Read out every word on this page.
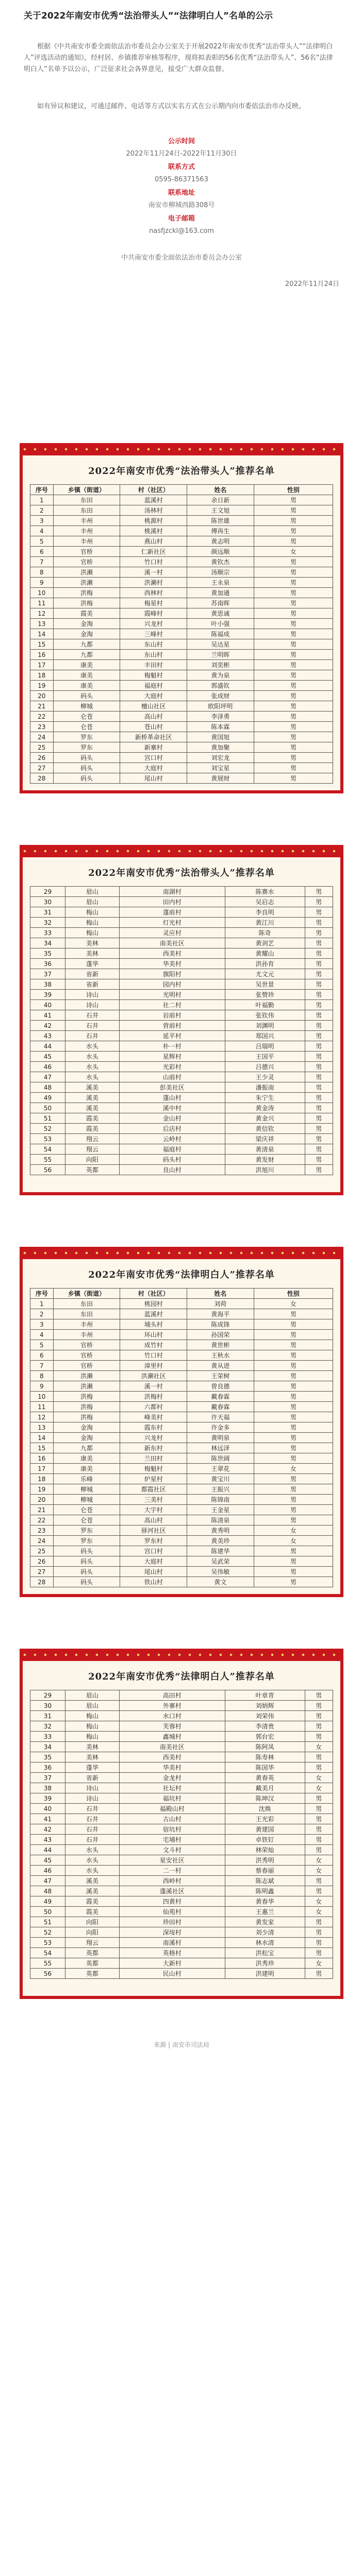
关于2022年南安市优秀“法治带头人”“法律明白人”名单的公示
根据《中共南安市委全面依法治市委员会办公室关于开展2022年南安市优秀“法治带头人”“法律明白人”评选活动的通知》，经村居、乡镇推荐审核等程序，现将拟表彰的56名优秀“法治带头人”、56名“法律明白人”名单予以公示，广泛征求社会各界意见，接受广大群众监督。
如有异议和建议，可通过邮件、电话等方式以实名方式在公示期内向市委依法治市办反映。
公示时间
2022年11月24日-2022年11月30日
联系方式
0595-86371563
联系地址
南安市柳城西路308号
电子邮箱
nasfjzckl@163.com
中共南安市委全面依法治市委员会办公室
2022年11月24日
2022年南安市优秀“法治带头人”推荐名单
序号	乡镇（街道）	村（社区）	姓名	性别
1	东田	蓝溪村	余日新	男
2	东田	汤林村	王文旭	男
3	丰州	桃源村	陈世雄	男
4	丰州	桃溪村	傅再生	男
5	丰州	燕山村	黄志明	男
6	官桥	仁新社区	颜远顺	女
7	官桥	竹口村	黄钦杰	男
8	洪濑	溪一村	汤顺宗	男
9	洪濑	洪濑村	王永泉	男
10	洪梅	西林村	黄加通	男
11	洪梅	梅星村	苏南晖	男
12	霞美	霞峰村	黄思诚	男
13	金淘	兴龙村	叶小强	男
14	金淘	三峰村	陈福成	男
15	九都	东山村	吴达星	男
16	九都	东山村	兰明晖	男
17	康美	丰田村	刘奕彬	男
18	康美	梅魁村	黄为泉	男
19	康美	福庭村	郭盛钦	男
20	码头	大庭村	张成财	男
21	柳城	檀山社区	欧阳坪明	男
22	仑苍	高山村	李泽勇	男
23	仑苍	苍山村	陈本霖	男
24	罗东	新桥革命社区	黄国旭	男
25	罗东	新寨村	黄加聚	男
26	码头	宫口村	刘宏龙	男
27	码头	大庭村	刘宝星	男
28	码头	尾山村	黄展财	男
2022年南安市优秀“法治带头人”推荐名单
29	眉山	南湖村	陈赛水	男
30	眉山	田内村	吴启志	男
31	梅山	蓬前村	李良明	男
32	梅山	灯光村	黄江川	男
33	梅山	灵应村	陈奇	男
34	美林	南美社区	黄剑艺	男
35	美林	西美村	黄耀山	男
36	蓬华	华美村	洪孙育	男
37	省新	旗阳村	尤文元	男
38	省新	园内村	吴世景	男
39	诗山	光明村	张赞珍	男
40	诗山	社二村	叶福勤	男
41	石井	岩前村	张钦伟	男
42	石井	营前村	刘渊明	男
43	石井	延平村	郑国兴	男
44	水头	朴一村	吕瑞明	男
45	水头	星辉村	王国平	男
46	水头	光彩村	吕德兴	男
47	水头	山前村	王少灵	男
48	溪美	彭美社区	潘振南	男
49	溪美	蓬山村	朱宁生	男
50	溪美	溪中村	黄金涛	男
51	霞美	金山村	黄金兴	男
52	霞美	后店村	黄信钦	男
53	翔云	云岭村	梁庆祥	男
54	翔云	福庭村	黄清泉	男
55	向阳	码头村	黄发财	男
56	英都	良山村	洪旭川	男
2022年南安市优秀“法律明白人”推荐名单
序号	乡镇（街道）	村（社区）	姓名	性别
1	东田	桃园村	刘荷	女
2	东田	蓝溪村	黄海平	男
3	丰州	埔头村	陈成锋	男
4	丰州	环山村	孙国荣	男
5	官桥	成竹村	黄世彬	男
6	官桥	竹口村	王秋水	男
7	官桥	漳里村	黄从进	男
8	洪濑	洪濑社区	王荣树	男
9	洪濑	溪一村	曾良德	男
10	洪梅	洪梅村	戴春霖	男
11	洪梅	六都村	戴春霖	男
12	洪梅	峰美村	许天福	男
13	金淘	霞东村	许金多	男
14	金淘	兴龙村	黄明泉	男
15	九都	新东村	林远泽	男
16	康美	兰田村	陈世阔	男
17	康美	梅魁村	王翠花	女
18	乐峰	炉星村	黄宝川	男
19	柳城	都霞社区	王振兴	男
20	柳城	三美村	陈锦南	男
21	仑苍	大宇村	王金星	男
22	仑苍	高山村	陈清泉	男
23	罗东	驿河社区	黄秀明	女
24	罗东	罗东村	黄美珍	女
25	码头	宫口村	陈建华	男
26	码头	大庭村	吴武荣	男
27	码头	尾山村	吴伟敏	男
28	码头	铁山村	黄文	男
2022年南安市优秀“法律明白人”推荐名单
29	眉山	高田村	叶章青	男
30	眉山	外寨村	刘炳辉	男
31	梅山	水口村	刘荣伟	男
32	梅山	芙蓉村	李清贵	男
33	梅山	鑫城村	郭台宏	男
34	美林	南美社区	陈阿凤	女
35	美林	西美村	陈寿林	男
36	蓬华	华美村	陈国华	男
37	省新	金龙村	黄春英	女
38	诗山	社坛村	戴美月	女
39	诗山	福坑村	陈坤汉	男
40	石井	福殿山村	沈焕	男
41	石井	古山村	王光彩	男
42	石井	宿坑村	黄建国	男
43	石井	宅埔村	卓铁钉	男
44	水头	文斗村	林荣灿	男
45	水头	星安社区	洪秀明	女
46	水头	二一村	蔡春丽	女
47	溪美	西岭村	陈志斌	男
48	溪美	蓬溪社区	陈明鑫	男
49	霞美	四黄村	黄春华	女
50	霞美	仙苑村	王惠兰	女
51	向阳	珍田村	黄发家	男
52	向阳	深垵村	刘少清	男
53	翔云	南溪村	林水清	男
54	英都	英格村	洪松宝	男
55	英都	大新村	洪秀珍	女
56	英都	民山村	洪建明	男
来源 | 南安市司法局
